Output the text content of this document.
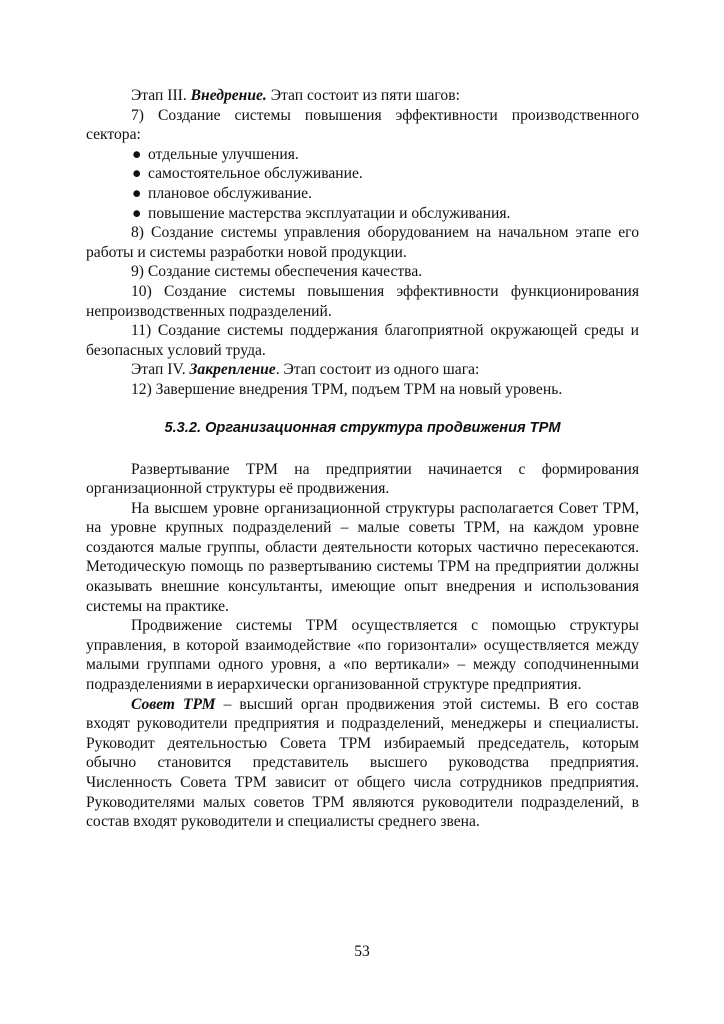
Этап III. Внедрение. Этап состоит из пяти шагов:

7) Создание системы повышения эффективности производственного сектора:

● отдельные улучшения.
● самостоятельное обслуживание.
● плановое обслуживание.
● повышение мастерства эксплуатации и обслуживания.

8) Создание системы управления оборудованием на начальном этапе его работы и системы разработки новой продукции.

9) Создание системы обеспечения качества.

10) Создание системы повышения эффективности функционирования непроизводственных подразделений.

11) Создание системы поддержания благоприятной окружающей среды и безопасных условий труда.

Этап IV. Закрепление. Этап состоит из одного шага:

12) Завершение внедрения ТРМ, подъем ТРМ на новый уровень.

5.3.2. Организационная структура продвижения ТРМ

Развертывание ТРМ на предприятии начинается с формирования организационной структуры её продвижения.

На высшем уровне организационной структуры располагается Совет ТРМ, на уровне крупных подразделений – малые советы ТРМ, на каждом уровне создаются малые группы, области деятельности которых частично пересекаются. Методическую помощь по развертыванию системы ТРМ на предприятии должны оказывать внешние консультанты, имеющие опыт внедрения и использования системы на практике.

Продвижение системы ТРМ осуществляется с помощью структуры управления, в которой взаимодействие «по горизонтали» осуществляется между малыми группами одного уровня, а «по вертикали» – между соподчиненными подразделениями в иерархически организованной структуре предприятия.

Совет ТРМ – высший орган продвижения этой системы. В его состав входят руководители предприятия и подразделений, менеджеры и специалисты. Руководит деятельностью Совета ТРМ избираемый председатель, которым обычно становится представитель высшего руководства предприятия. Численность Совета ТРМ зависит от общего числа сотрудников предприятия. Руководителями малых советов ТРМ являются руководители подразделений, в состав входят руководители и специалисты среднего звена.

53
